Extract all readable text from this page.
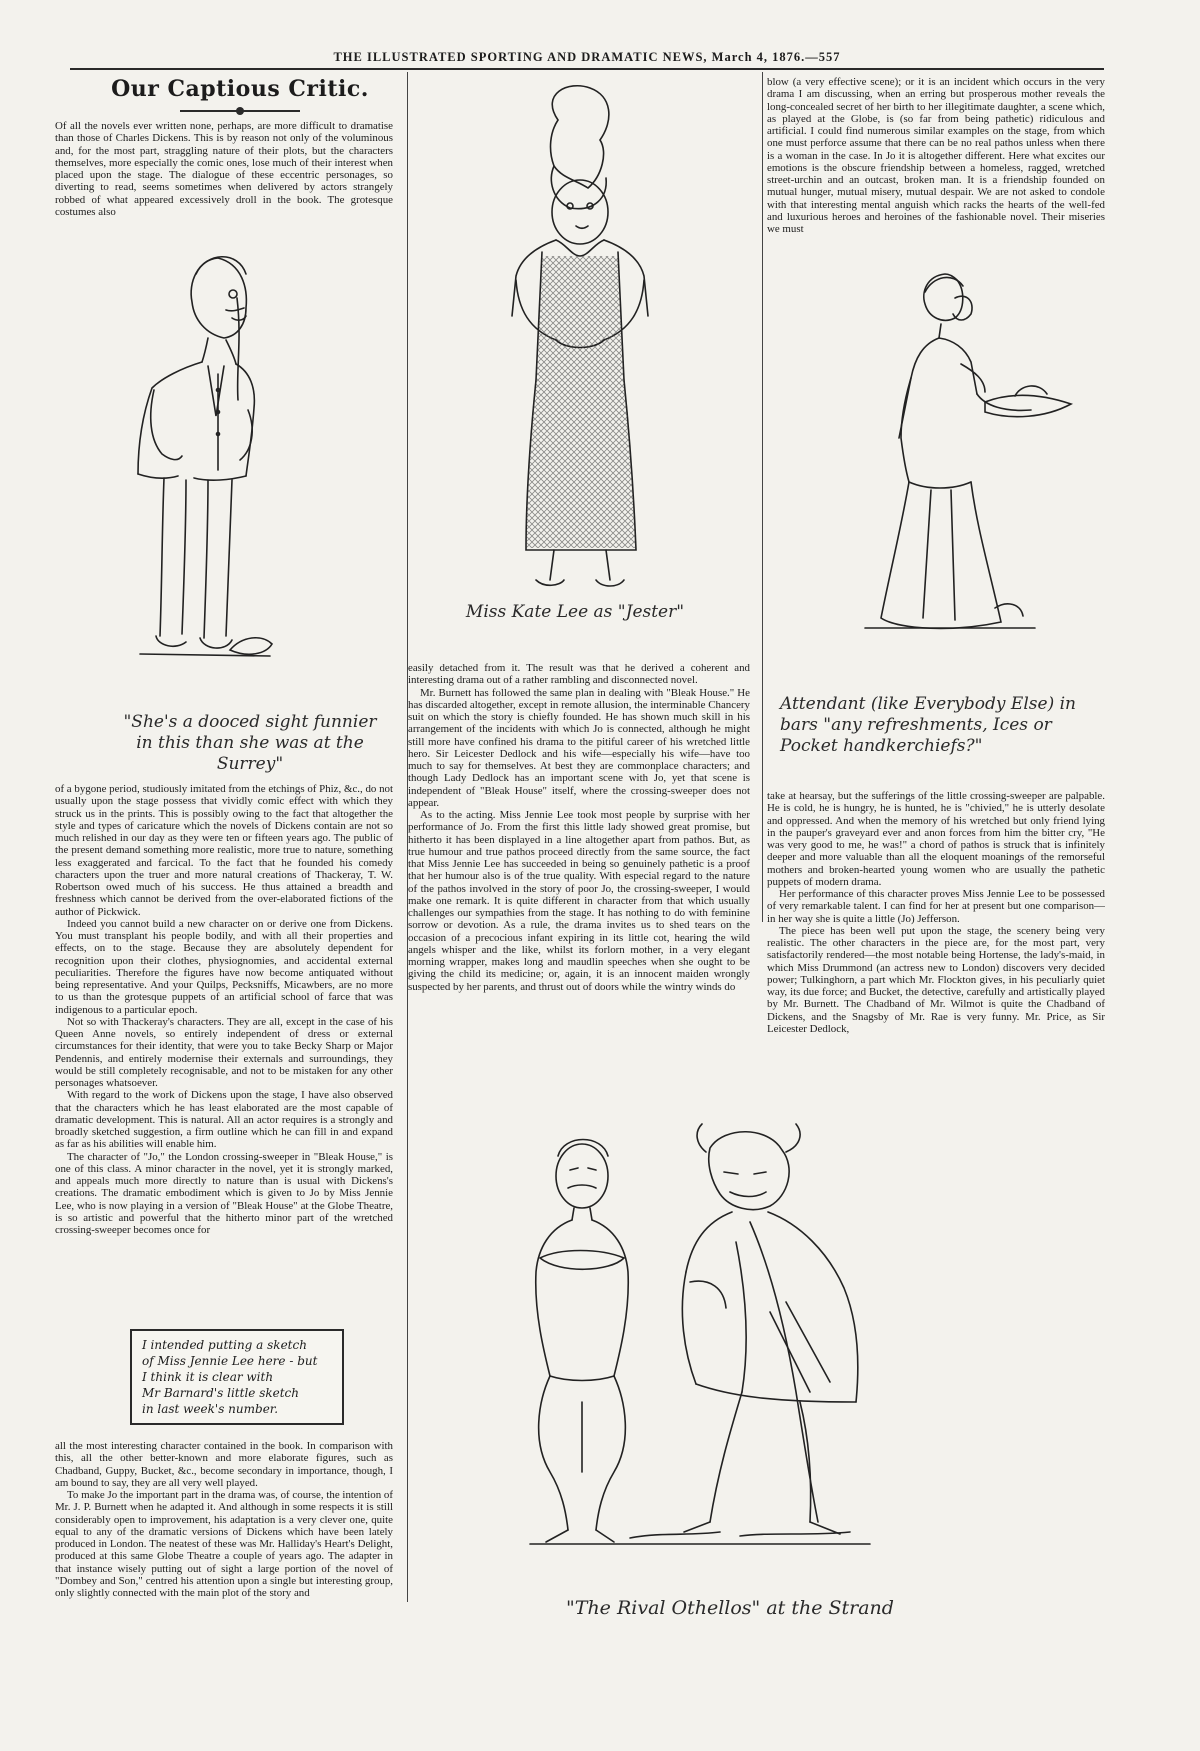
THE ILLUSTRATED SPORTING AND DRAMATIC NEWS, March 4, 1876.—557
Our Captious Critic.

Of all the novels ever written none, perhaps, are more difficult to dramatise than those of Charles Dickens. This is by reason not only of the voluminous and, for the most part, straggling nature of their plots, but the characters themselves, more especially the comic ones, lose much of their interest when placed upon the stage. The dialogue of these eccentric personages, so diverting to read, seems sometimes when delivered by actors strangely robbed of what appeared excessively droll in the book. The grotesque costumes also

"She's a dooced sight funnier
in this than she was at the Surrey"

of a bygone period, studiously imitated from the etchings of Phiz, &c., do not usually upon the stage possess that vividly comic effect with which they struck us in the prints. This is possibly owing to the fact that altogether the style and types of caricature which the novels of Dickens contain are not so much relished in our day as they were ten or fifteen years ago. The public of the present demand something more realistic, more true to nature, something less exaggerated and farcical. To the fact that he founded his comedy characters upon the truer and more natural creations of Thackeray, T. W. Robertson owed much of his success. He thus attained a breadth and freshness which cannot be derived from the over-elaborated fictions of the author of Pickwick.

Indeed you cannot build a new character on or derive one from Dickens. You must transplant his people bodily, and with all their properties and effects, on to the stage. Because they are absolutely dependent for recognition upon their clothes, physiognomies, and accidental external peculiarities. Therefore the figures have now become antiquated without being representative. And your Quilps, Pecksniffs, Micawbers, are no more to us than the grotesque puppets of an artificial school of farce that was indigenous to a particular epoch.

Not so with Thackeray's characters. They are all, except in the case of his Queen Anne novels, so entirely independent of dress or external circumstances for their identity, that were you to take Becky Sharp or Major Pendennis, and entirely modernise their externals and surroundings, they would be still completely recognisable, and not to be mistaken for any other personages whatsoever.

With regard to the work of Dickens upon the stage, I have also observed that the characters which he has least elaborated are the most capable of dramatic development. This is natural. All an actor requires is a strongly and broadly sketched suggestion, a firm outline which he can fill in and expand as far as his abilities will enable him.

The character of "Jo," the London crossing-sweeper in "Bleak House," is one of this class. A minor character in the novel, yet it is strongly marked, and appeals much more directly to nature than is usual with Dickens's creations. The dramatic embodiment which is given to Jo by Miss Jennie Lee, who is now playing in a version of "Bleak House" at the Globe Theatre, is so artistic and powerful that the hitherto minor part of the wretched crossing-sweeper becomes once for

I intended putting a sketch
of Miss Jennie Lee here - but
I think it is clear with
Mr Barnard's little sketch
in last week's number.

all the most interesting character contained in the book. In comparison with this, all the other better-known and more elaborate figures, such as Chadband, Guppy, Bucket, &c., become secondary in importance, though, I am bound to say, they are all very well played.

To make Jo the important part in the drama was, of course, the intention of Mr. J. P. Burnett when he adapted it. And although in some respects it is still considerably open to improvement, his adaptation is a very clever one, quite equal to any of the dramatic versions of Dickens which have been lately produced in London. The neatest of these was Mr. Halliday's Heart's Delight, produced at this same Globe Theatre a couple of years ago. The adapter in that instance wisely putting out of sight a large portion of the novel of "Dombey and Son," centred his attention upon a single but interesting group, only slightly connected with the main plot of the story and

Miss Kate Lee as "Jester"

easily detached from it. The result was that he derived a coherent and interesting drama out of a rather rambling and disconnected novel.

Mr. Burnett has followed the same plan in dealing with "Bleak House." He has discarded altogether, except in remote allusion, the interminable Chancery suit on which the story is chiefly founded. He has shown much skill in his arrangement of the incidents with which Jo is connected, although he might still more have confined his drama to the pitiful career of his wretched little hero. Sir Leicester Dedlock and his wife—especially his wife—have too much to say for themselves. At best they are commonplace characters; and though Lady Dedlock has an important scene with Jo, yet that scene is independent of "Bleak House" itself, where the crossing-sweeper does not appear.

As to the acting. Miss Jennie Lee took most people by surprise with her performance of Jo. From the first this little lady showed great promise, but hitherto it has been displayed in a line altogether apart from pathos. But, as true humour and true pathos proceed directly from the same source, the fact that Miss Jennie Lee has succeeded in being so genuinely pathetic is a proof that her humour also is of the true quality. With especial regard to the nature of the pathos involved in the story of poor Jo, the crossing-sweeper, I would make one remark. It is quite different in character from that which usually challenges our sympathies from the stage. It has nothing to do with feminine sorrow or devotion. As a rule, the drama invites us to shed tears on the occasion of a precocious infant expiring in its little cot, hearing the wild angels whisper and the like, whilst its forlorn mother, in a very elegant morning wrapper, makes long and maudlin speeches when she ought to be giving the child its medicine; or, again, it is an innocent maiden wrongly suspected by her parents, and thrust out of doors while the wintry winds do

blow (a very effective scene); or it is an incident which occurs in the very drama I am discussing, when an erring but prosperous mother reveals the long-concealed secret of her birth to her illegitimate daughter, a scene which, as played at the Globe, is (so far from being pathetic) ridiculous and artificial. I could find numerous similar examples on the stage, from which one must perforce assume that there can be no real pathos unless when there is a woman in the case. In Jo it is altogether different. Here what excites our emotions is the obscure friendship between a homeless, ragged, wretched street-urchin and an outcast, broken man. It is a friendship founded on mutual hunger, mutual misery, mutual despair. We are not asked to condole with that interesting mental anguish which racks the hearts of the well-fed and luxurious heroes and heroines of the fashionable novel. Their miseries we must

Attendant (like Everybody Else) in
bars "any refreshments, Ices or
Pocket handkerchiefs?"

take at hearsay, but the sufferings of the little crossing-sweeper are palpable. He is cold, he is hungry, he is hunted, he is "chivied," he is utterly desolate and oppressed. And when the memory of his wretched but only friend lying in the pauper's graveyard ever and anon forces from him the bitter cry, "He was very good to me, he was!" a chord of pathos is struck that is infinitely deeper and more valuable than all the eloquent moanings of the remorseful mothers and broken-hearted young women who are usually the pathetic puppets of modern drama.

Her performance of this character proves Miss Jennie Lee to be possessed of very remarkable talent. I can find for her at present but one comparison—in her way she is quite a little (Jo) Jefferson.

The piece has been well put upon the stage, the scenery being very realistic. The other characters in the piece are, for the most part, very satisfactorily rendered—the most notable being Hortense, the lady's-maid, in which Miss Drummond (an actress new to London) discovers very decided power; Tulkinghorn, a part which Mr. Flockton gives, in his peculiarly quiet way, its due force; and Bucket, the detective, carefully and artistically played by Mr. Burnett. The Chadband of Mr. Wilmot is quite the Chadband of Dickens, and the Snagsby of Mr. Rae is very funny. Mr. Price, as Sir Leicester Dedlock,

"The Rival Othellos" at the Strand
